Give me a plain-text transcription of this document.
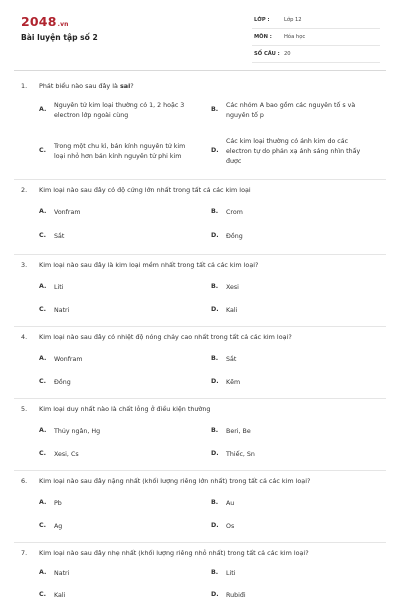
2048.vn
Bài luyện tập số 2
LỚP :	Lớp 12
MÔN : Hóa học
SỐ CÂU : 20
1. Phát biểu nào sau đây là sai?
A.
Nguyên tử kim loại thường có 1, 2 hoặc 3
electron lớp ngoài cùng
B.
Các nhóm A bao gồm các nguyên tố s và
nguyên tố p
C.
Trong một chu kì, bán kính nguyên tử kim
loại nhỏ hơn bán kính nguyên tử phi kim
D.
Các kim loại thường có ánh kim do các
electron tự do phản xạ ánh sáng nhìn thấy
được
2. Kim loại nào sau đây có độ cứng lớn nhất trong tất cả các kim loại
A. Vonfram	B. Crom
C. Sắt	D. Đồng
3. Kim loại nào sau đây là kim loại mềm nhất trong tất cả các kim loại?
A. Liti	B. Xesi
C. Natri	D. Kali
4. Kim loại nào sau đây có nhiệt độ nóng chảy cao nhất trong tất cả các kim loại?
A. Wonfram	B. Sắt
C. Đồng	D. Kẽm
5. Kim loại duy nhất nào là chất lỏng ở điều kiện thường
A. Thủy ngân, Hg	B. Beri, Be
C. Xesi, Cs	D. Thiếc, Sn
6. Kim loại nào sau đây nặng nhất (khối lượng riêng lớn nhất) trong tất cả các kim loại?
A. Pb	B. Au
C. Ag	D. Os
7. Kim loại nào sau đây nhẹ nhất (khối lượng riêng nhỏ nhất) trong tất cả các kim loại?
A. Natri	B. Liti
C. Kali	D. Rubiđi
